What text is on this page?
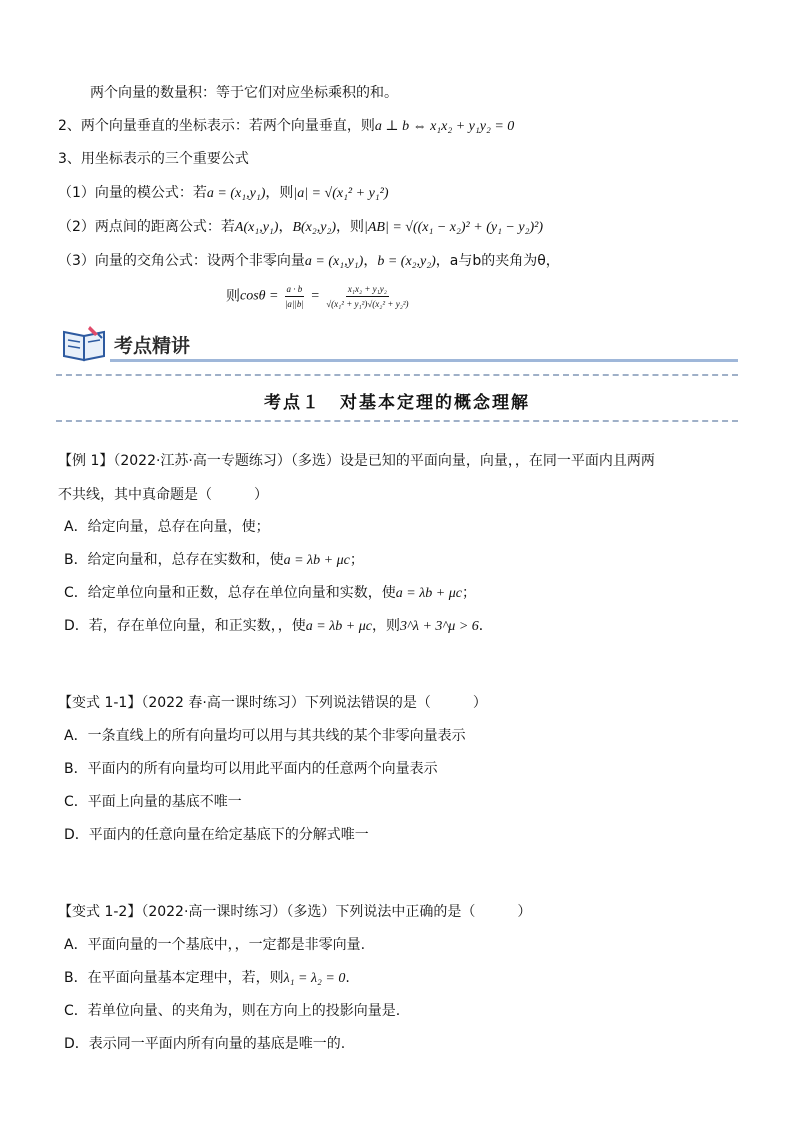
两个向量的数量积：等于它们对应坐标乘积的和。
2、两个向量垂直的坐标表示：若两个向量垂直，则a ⊥ b ⇔ x₁x₂ + y₁y₂ = 0
3、用坐标表示的三个重要公式
（1）向量的模公式：若a = (x₁,y₁)，则|a| = √(x₁² + y₁²)
（2）两点间的距离公式：若A(x₁,y₁)，B(x₂,y₂)，则|AB| = √((x₁ − x₂)² + (y₁ − y₂)²)
（3）向量的交角公式：设两个非零向量a = (x₁,y₁)，b = (x₂,y₂)，a与b的夹角为θ，
则$\cos\theta = \frac{a \cdot b}{|a||b|} = \frac{\text{x₁x₂ + y₁y₂}}{\text{√(x₁² + y₁²)√(x₂² + y₂²)}}$
考点精讲
考点１　对基本定理的概念理解
【例 1】（2022·江苏·高一专题练习）（多选）设是已知的平面向量，向量，，在同一平面内且两两
不共线，其中真命题是（　　　）
A．给定向量，总存在向量，使；
B．给定向量和，总存在实数和，使a = λb + μc；
C．给定单位向量和正数，总存在单位向量和实数，使a = λb + μc；
D．若，存在单位向量，和正实数，，使a = λb + μc，则3^λ + 3^μ > 6．
【变式 1-1】（2022 春·高一课时练习）下列说法错误的是（　　　）
A．一条直线上的所有向量均可以用与其共线的某个非零向量表示
B．平面内的所有向量均可以用此平面内的任意两个向量表示
C．平面上向量的基底不唯一
D．平面内的任意向量在给定基底下的分解式唯一
【变式 1-2】（2022·高一课时练习）（多选）下列说法中正确的是（　　　）
A．平面向量的一个基底中，，一定都是非零向量.
B．在平面向量基本定理中，若，则λ₁ = λ₂ = 0.
C．若单位向量、的夹角为，则在方向上的投影向量是.
D．表示同一平面内所有向量的基底是唯一的.
